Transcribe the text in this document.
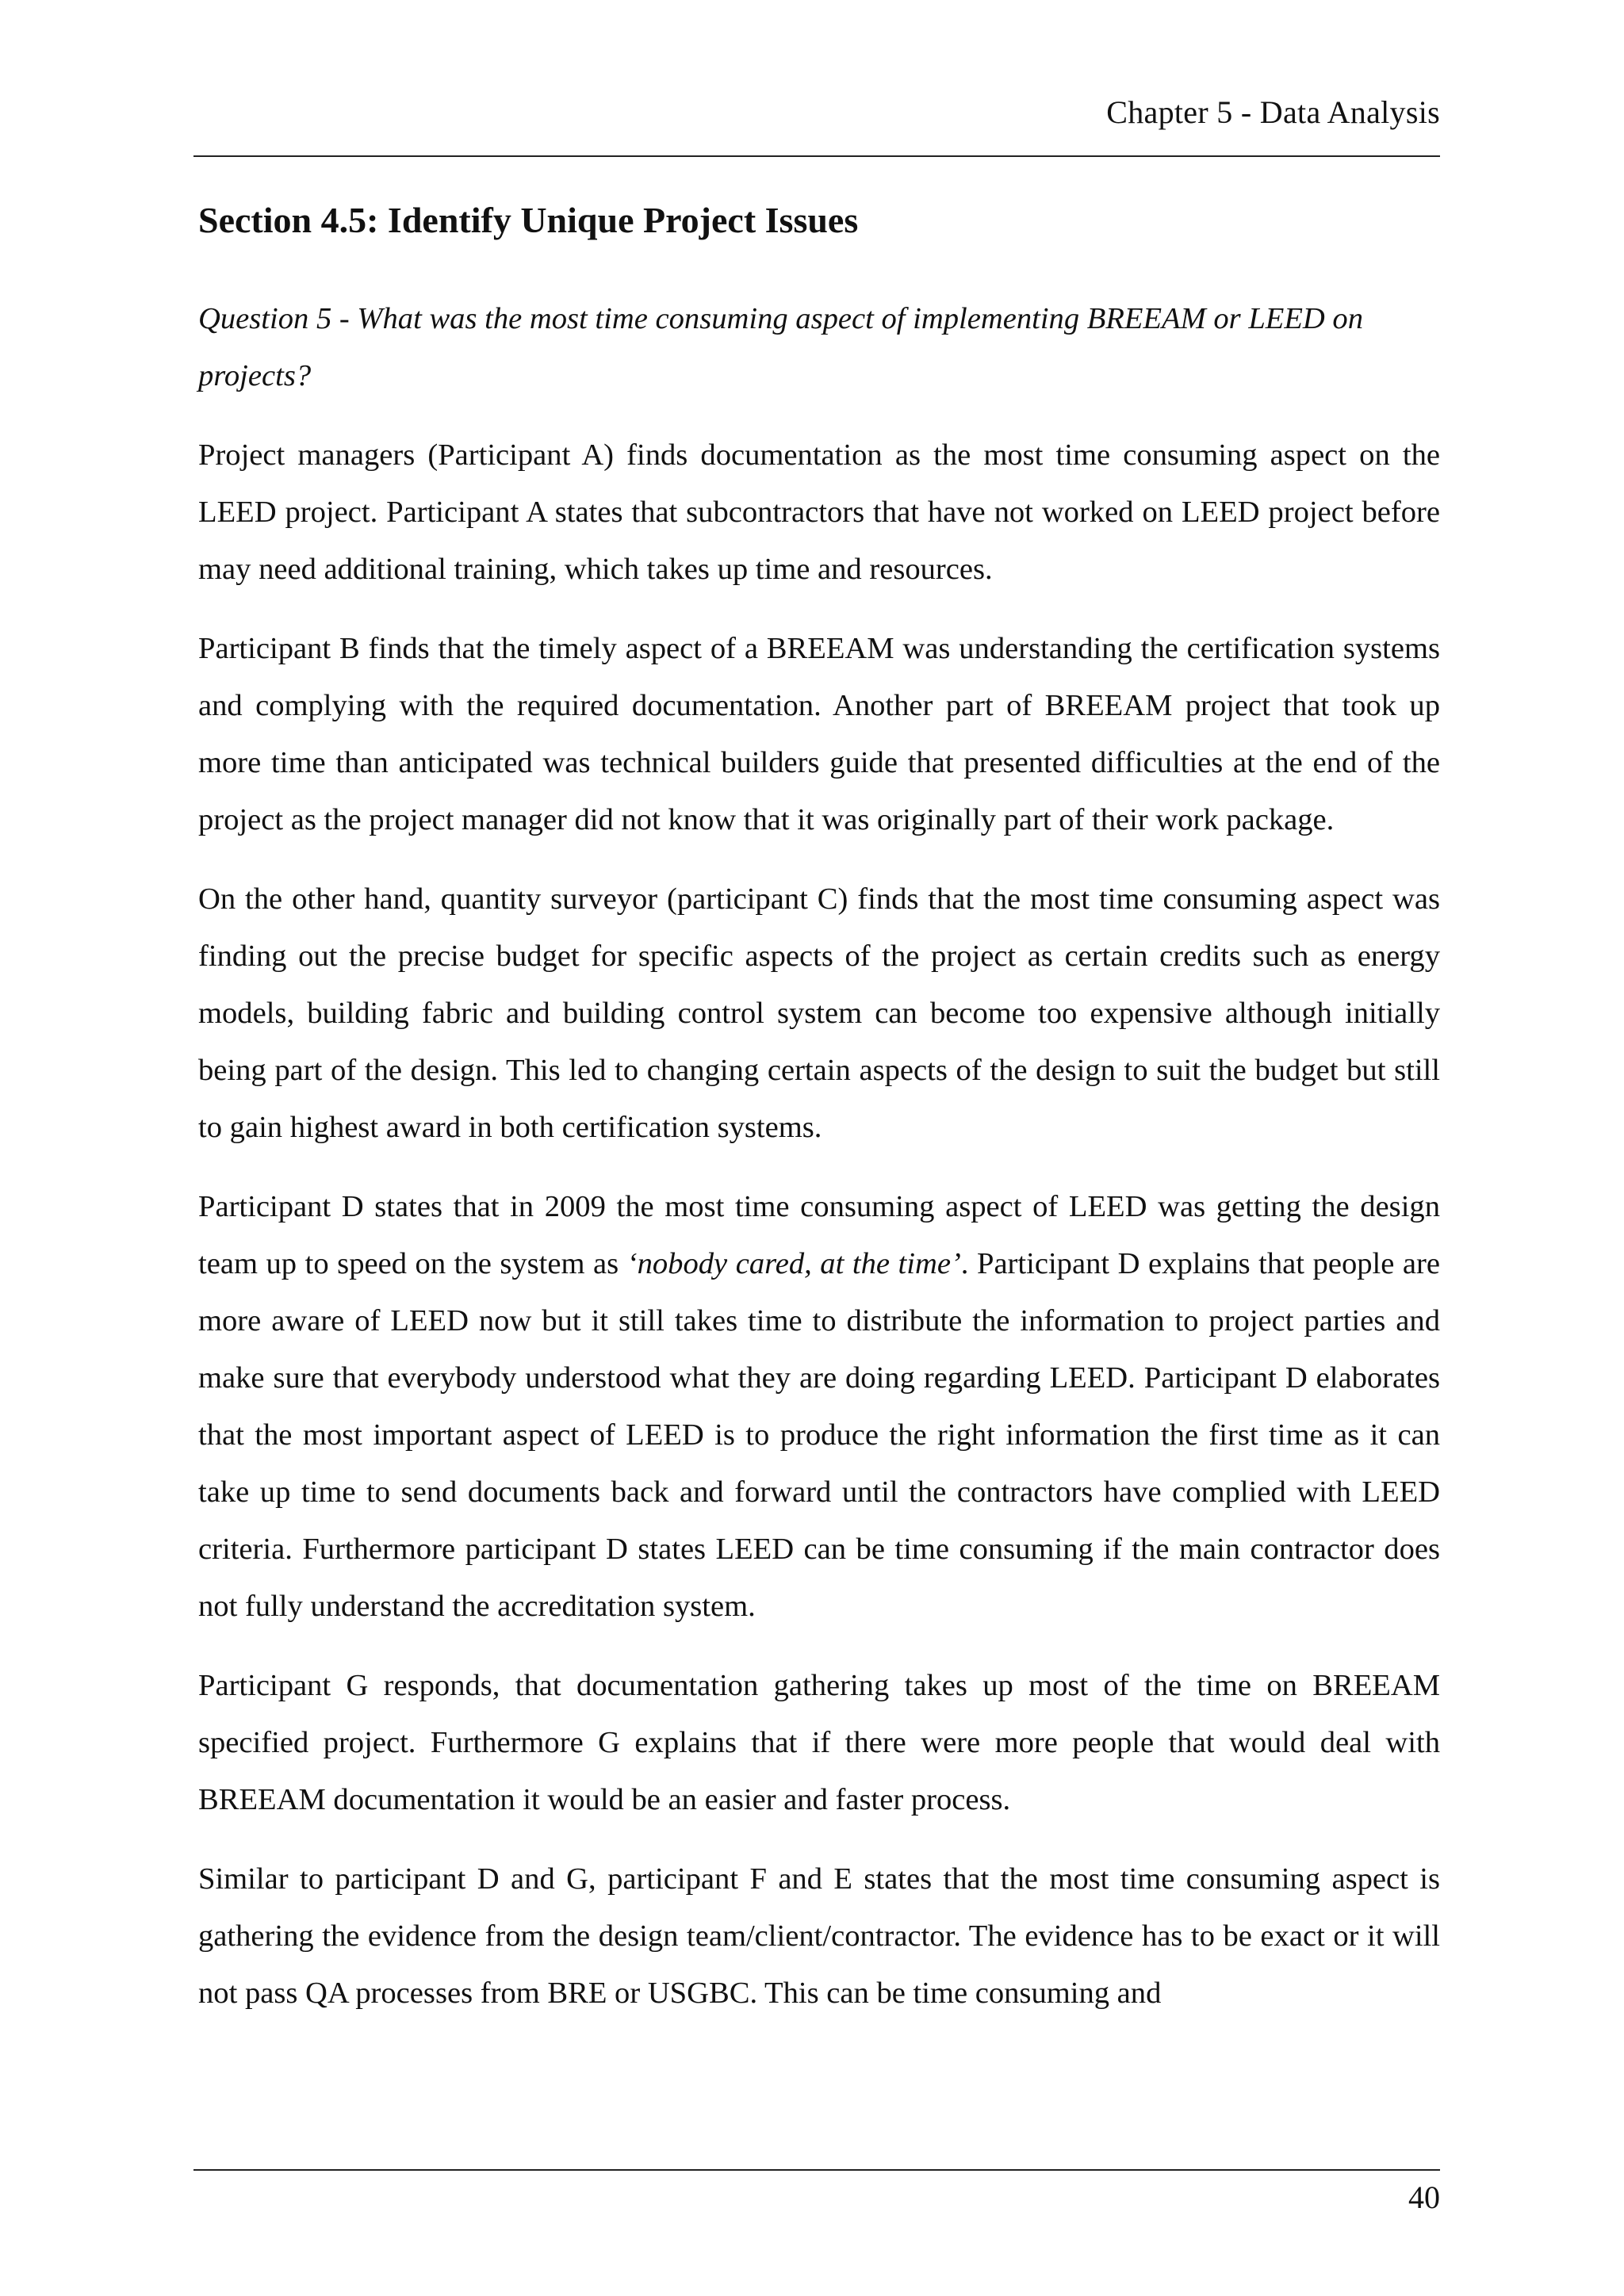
Chapter 5 - Data Analysis
Section 4.5: Identify Unique Project Issues

Question 5 - What was the most time consuming aspect of implementing BREEAM or LEED on projects?

Project managers (Participant A) finds documentation as the most time consuming aspect on the LEED project. Participant A states that subcontractors that have not worked on LEED project before may need additional training, which takes up time and resources.

Participant B finds that the timely aspect of a BREEAM was understanding the certification systems and complying with the required documentation. Another part of BREEAM project that took up more time than anticipated was technical builders guide that presented difficulties at the end of the project as the project manager did not know that it was originally part of their work package.

On the other hand, quantity surveyor (participant C) finds that the most time consuming aspect was finding out the precise budget for specific aspects of the project as certain credits such as energy models, building fabric and building control system can become too expensive although initially being part of the design. This led to changing certain aspects of the design to suit the budget but still to gain highest award in both certification systems.

Participant D states that in 2009 the most time consuming aspect of LEED was getting the design team up to speed on the system as ‘nobody cared, at the time’. Participant D explains that people are more aware of LEED now but it still takes time to distribute the information to project parties and make sure that everybody understood what they are doing regarding LEED. Participant D elaborates that the most important aspect of LEED is to produce the right information the first time as it can take up time to send documents back and forward until the contractors have complied with LEED criteria. Furthermore participant D states LEED can be time consuming if the main contractor does not fully understand the accreditation system.

Participant G responds, that documentation gathering takes up most of the time on BREEAM specified project. Furthermore G explains that if there were more people that would deal with BREEAM documentation it would be an easier and faster process.

Similar to participant D and G, participant F and E states that the most time consuming aspect is gathering the evidence from the design team/client/contractor. The evidence has to be exact or it will not pass QA processes from BRE or USGBC. This can be time consuming and

40
